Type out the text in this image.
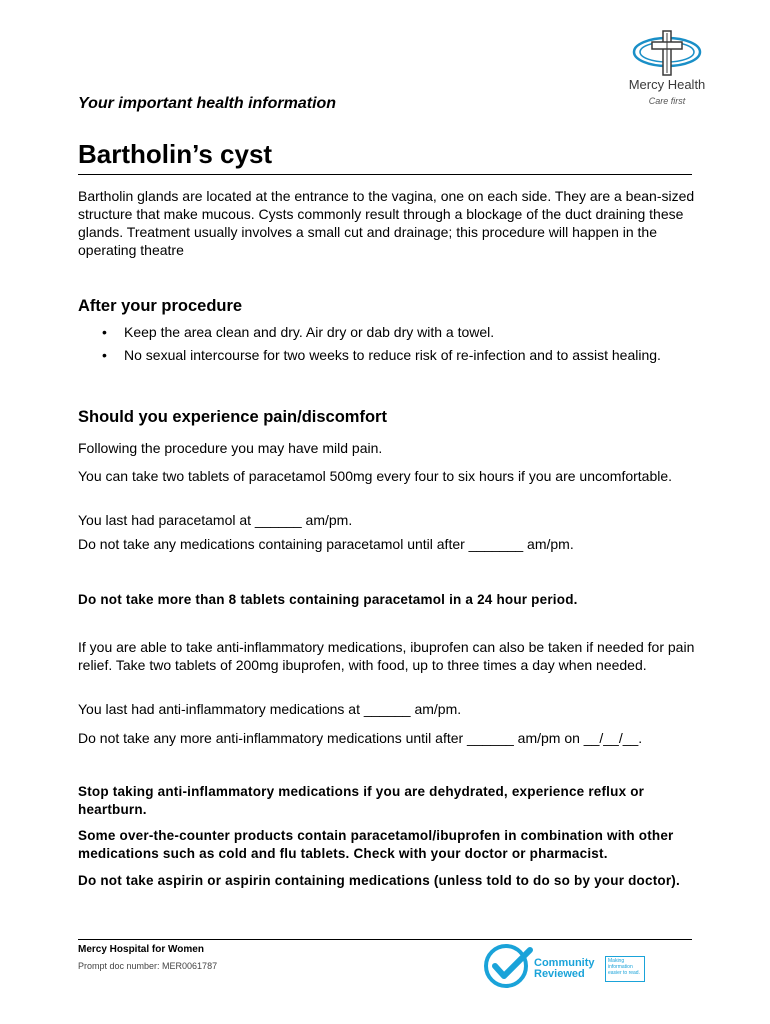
Mercy Health
Care first
Your important health information
Bartholin’s cyst
Bartholin glands are located at the entrance to the vagina, one on each side. They are a bean-sized structure that make mucous. Cysts commonly result through a blockage of the duct draining these glands. Treatment usually involves a small cut and drainage; this procedure will happen in the operating theatre
After your procedure
• Keep the area clean and dry. Air dry or dab dry with a towel.
• No sexual intercourse for two weeks to reduce risk of re-infection and to assist healing.
Should you experience pain/discomfort
Following the procedure you may have mild pain.
You can take two tablets of paracetamol 500mg every four to six hours if you are uncomfortable.
You last had paracetamol at ______ am/pm.
Do not take any medications containing paracetamol until after _______ am/pm.
Do not take more than 8 tablets containing paracetamol in a 24 hour period.
If you are able to take anti-inflammatory medications, ibuprofen can also be taken if needed for pain relief. Take two tablets of 200mg ibuprofen, with food, up to three times a day when needed.
You last had anti-inflammatory medications at ______ am/pm.
Do not take any more anti-inflammatory medications until after ______ am/pm on __/__/__.
Stop taking anti-inflammatory medications if you are dehydrated, experience reflux or heartburn.
Some over-the-counter products contain paracetamol/ibuprofen in combination with other medications such as cold and flu tablets. Check with your doctor or pharmacist.
Do not take aspirin or aspirin containing medications (unless told to do so by your doctor).
Mercy Hospital for Women
Prompt doc number: MER0061787	Community
Reviewed
Making information easier to read.
